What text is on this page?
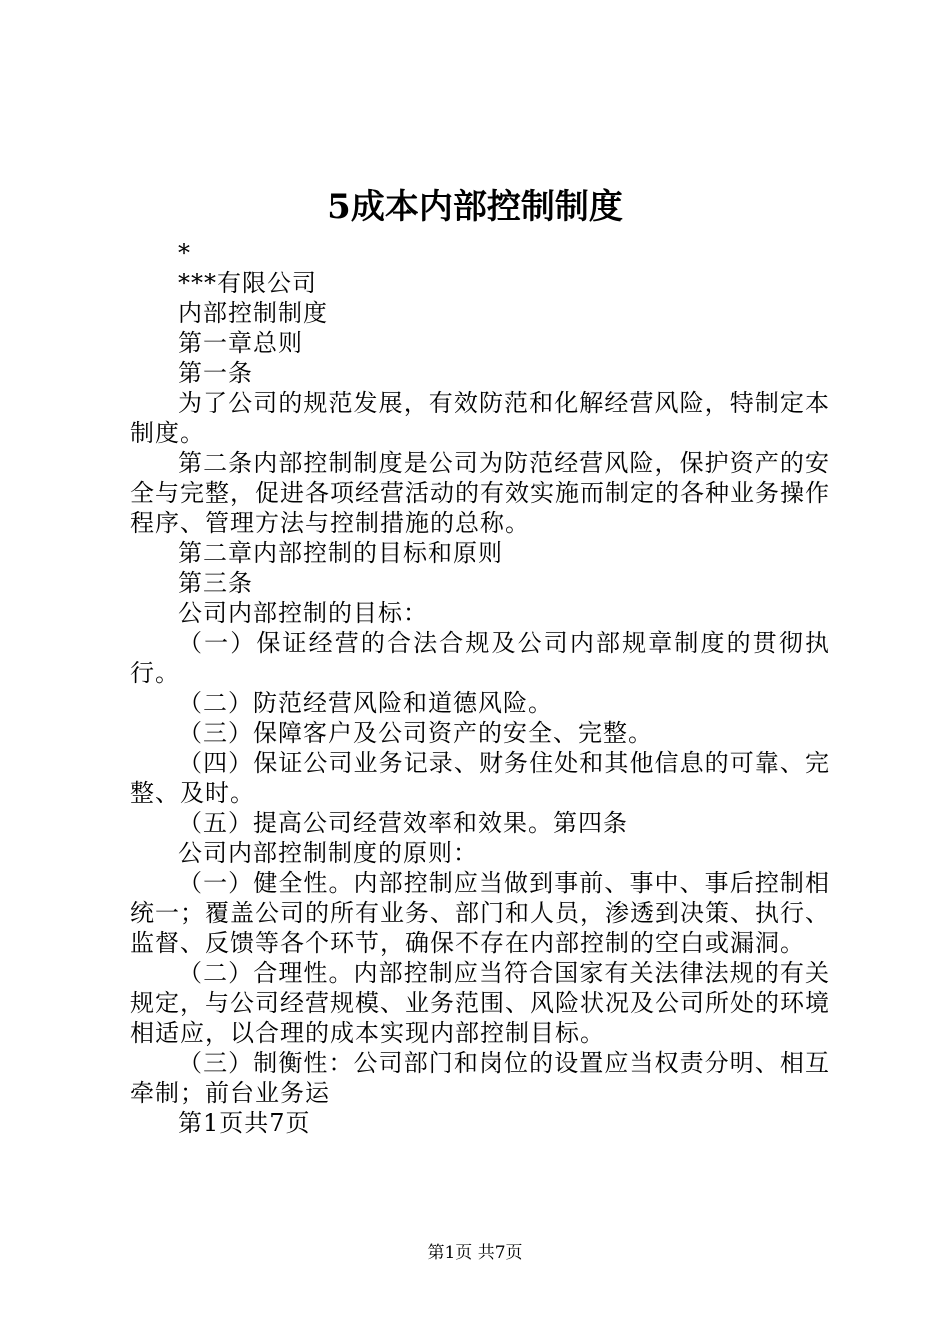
5成本内部控制制度

*

***有限公司

内部控制制度

第一章总则

第一条

为了公司的规范发展，有效防范和化解经营风险，特制定本制度。

第二条内部控制制度是公司为防范经营风险，保护资产的安全与完整，促进各项经营活动的有效实施而制定的各种业务操作程序、管理方法与控制措施的总称。

第二章内部控制的目标和原则

第三条

公司内部控制的目标：

（一）保证经营的合法合规及公司内部规章制度的贯彻执行。

（二）防范经营风险和道德风险。

（三）保障客户及公司资产的安全、完整。

（四）保证公司业务记录、财务住处和其他信息的可靠、完整、及时。

（五）提高公司经营效率和效果。第四条

公司内部控制制度的原则：

（一）健全性。内部控制应当做到事前、事中、事后控制相统一；覆盖公司的所有业务、部门和人员，渗透到决策、执行、监督、反馈等各个环节，确保不存在内部控制的空白或漏洞。

（二）合理性。内部控制应当符合国家有关法律法规的有关规定，与公司经营规模、业务范围、风险状况及公司所处的环境相适应，以合理的成本实现内部控制目标。

（三）制衡性：公司部门和岗位的设置应当权责分明、相互牵制；前台业务运

第1页共7页

第1页 共7页
